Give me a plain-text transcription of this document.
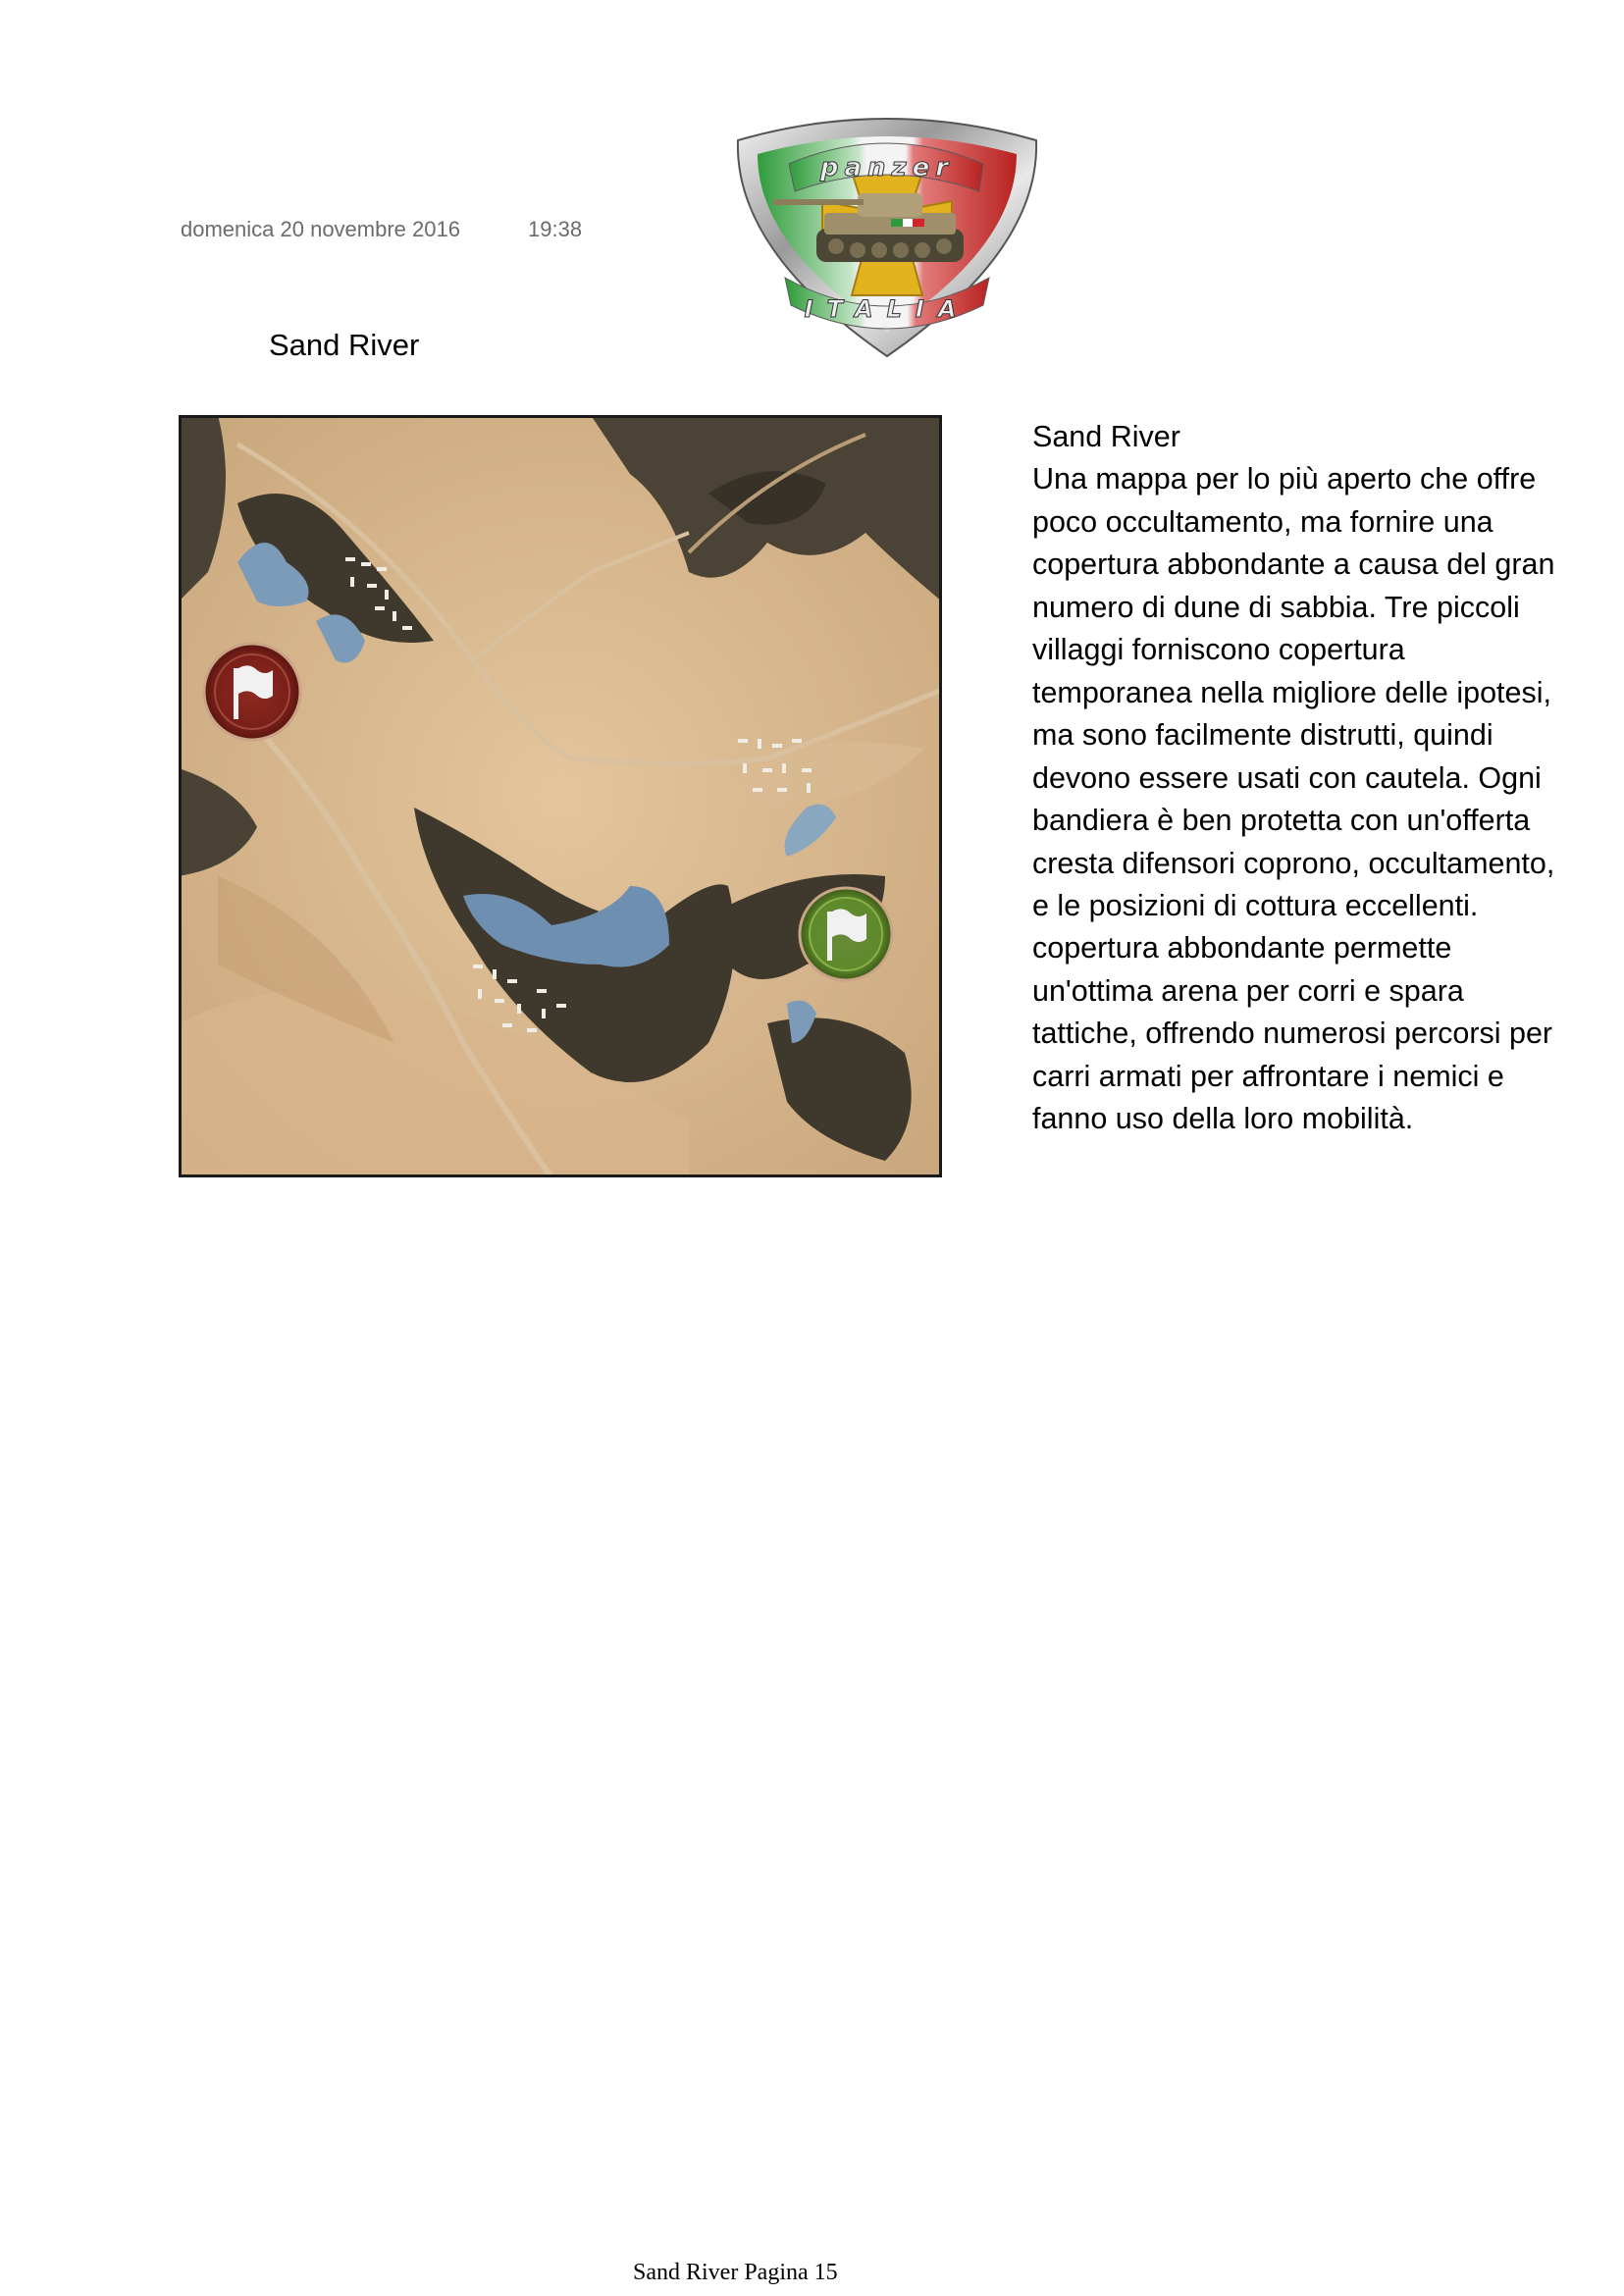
domenica 20 novembre 2016	19:38
panzer
ITALIA
Sand River
Sand River
Una mappa per lo più aperto che offre
poco occultamento, ma fornire una
copertura abbondante a causa del gran
numero di dune di sabbia. Tre piccoli
villaggi forniscono copertura
temporanea nella migliore delle ipotesi,
ma sono facilmente distrutti, quindi
devono essere usati con cautela. Ogni
bandiera è ben protetta con un'offerta
cresta difensori coprono, occultamento,
e le posizioni di cottura eccellenti.
copertura abbondante permette
un'ottima arena per corri e spara
tattiche, offrendo numerosi percorsi per
carri armati per affrontare i nemici e
fanno uso della loro mobilità.
Sand River Pagina 15
